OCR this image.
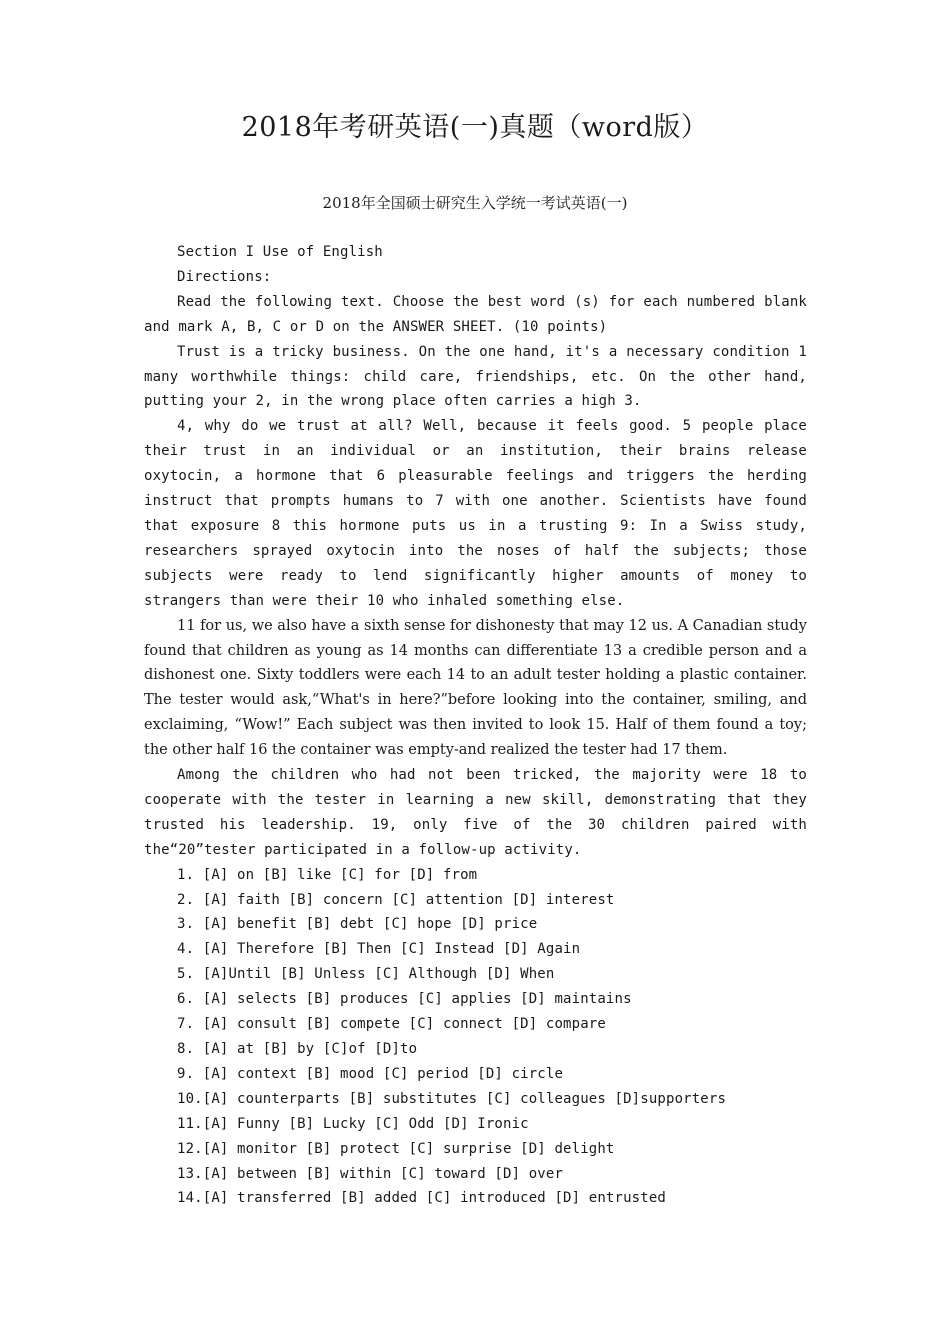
2018年考研英语(一)真题（word版）
2018年全国硕士研究生入学统一考试英语(一)

Section I Use of English

Directions:

Read the following text. Choose the best word (s) for each numbered blank and mark A, B, C or D on the ANSWER SHEET. (10 points)

Trust is a tricky business. On the one hand, it's a necessary condition 1 many worthwhile things: child care, friendships, etc. On the other hand, putting your 2, in the wrong place often carries a high 3.

4, why do we trust at all? Well, because it feels good. 5 people place their trust in an individual or an institution, their brains release oxytocin, a hormone that 6 pleasurable feelings and triggers the herding instruct that prompts humans to 7 with one another. Scientists have found that exposure 8 this hormone puts us in a trusting 9: In a Swiss study, researchers sprayed oxytocin into the noses of half the subjects; those subjects were ready to lend significantly higher amounts of money to strangers than were their 10 who inhaled something else.

11 for us, we also have a sixth sense for dishonesty that may 12 us. A Canadian study found that children as young as 14 months can differentiate 13 a credible person and a dishonest one. Sixty toddlers were each 14 to an adult tester holding a plastic container. The tester would ask,“What's in here?”before looking into the container, smiling, and exclaiming, “Wow!” Each subject was then invited to look 15. Half of them found a toy; the other half 16 the container was empty-and realized the tester had 17 them.

Among the children who had not been tricked, the majority were 18 to cooperate with the tester in learning a new skill, demonstrating that they trusted his leadership. 19, only five of the 30 children paired with the“20”tester participated in a follow-up activity.

1. [A] on [B] like [C] for [D] from

2. [A] faith [B] concern [C] attention [D] interest

3. [A] benefit [B] debt [C] hope [D] price

4. [A] Therefore [B] Then [C] Instead [D] Again

5. [A]Until [B] Unless [C] Although [D] When

6. [A] selects [B] produces [C] applies [D] maintains

7. [A] consult [B] compete [C] connect [D] compare

8. [A] at [B] by [C]of [D]to

9. [A] context [B] mood [C] period [D] circle

10.[A] counterparts [B] substitutes [C] colleagues [D]supporters

11.[A] Funny [B] Lucky [C] Odd [D] Ironic

12.[A] monitor [B] protect [C] surprise [D] delight

13.[A] between [B] within [C] toward [D] over

14.[A] transferred [B] added [C] introduced [D] entrusted
